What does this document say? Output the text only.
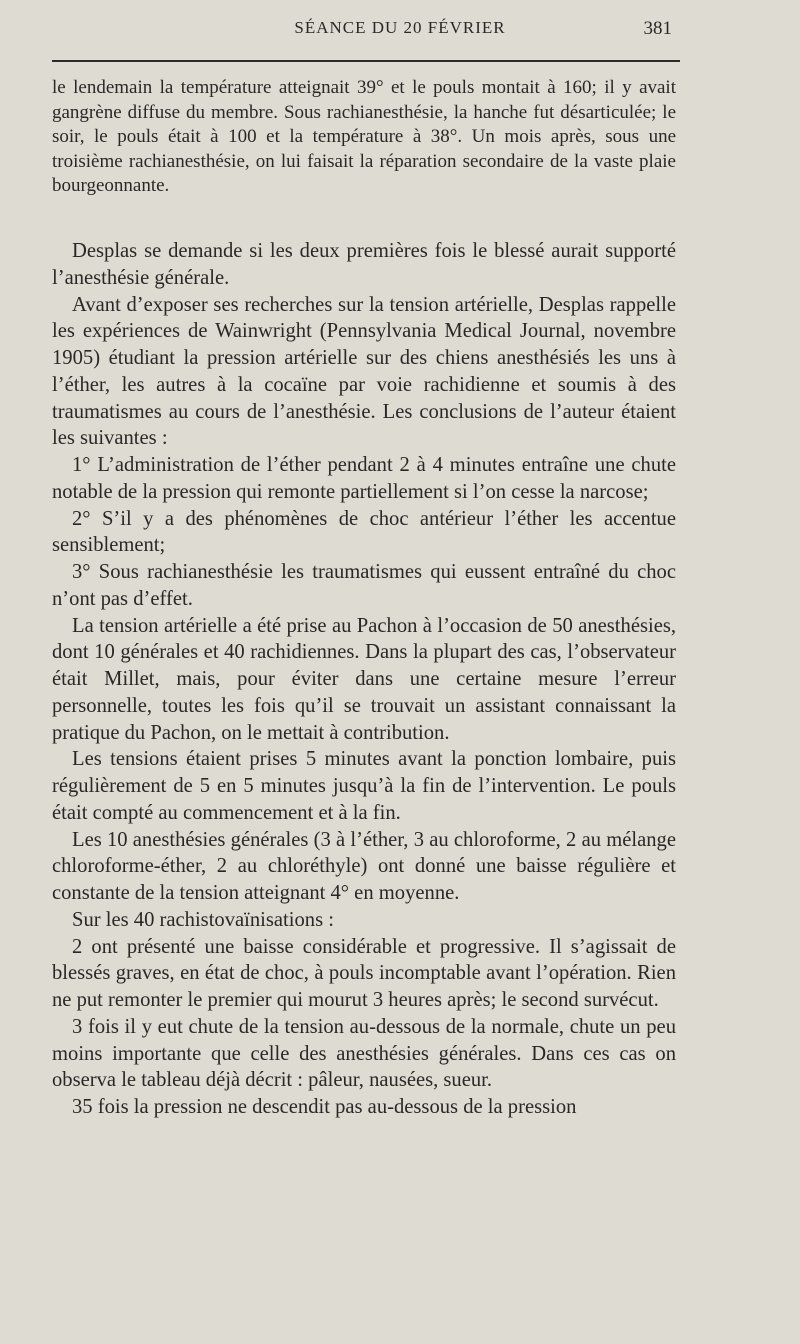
SÉANCE DU 20 FÉVRIER	381

le lendemain la température atteignait 39° et le pouls montait à 160; il y avait gangrène diffuse du membre. Sous rachianesthésie, la hanche fut désarticulée; le soir, le pouls était à 100 et la température à 38°. Un mois après, sous une troisième rachianesthésie, on lui faisait la réparation secondaire de la vaste plaie bourgeonnante.

Desplas se demande si les deux premières fois le blessé aurait supporté l’anesthésie générale.

Avant d’exposer ses recherches sur la tension artérielle, Desplas rappelle les expériences de Wainwright (Pennsylvania Medical Journal, novembre 1905) étudiant la pression artérielle sur des chiens anesthésiés les uns à l’éther, les autres à la cocaïne par voie rachidienne et soumis à des traumatismes au cours de l’anesthésie. Les conclusions de l’auteur étaient les suivantes :

1° L’administration de l’éther pendant 2 à 4 minutes entraîne une chute notable de la pression qui remonte partiellement si l’on cesse la narcose;

2° S’il y a des phénomènes de choc antérieur l’éther les accentue sensiblement;

3° Sous rachianesthésie les traumatismes qui eussent entraîné du choc n’ont pas d’effet.

La tension artérielle a été prise au Pachon à l’occasion de 50 anesthésies, dont 10 générales et 40 rachidiennes. Dans la plupart des cas, l’observateur était Millet, mais, pour éviter dans une certaine mesure l’erreur personnelle, toutes les fois qu’il se trouvait un assistant connaissant la pratique du Pachon, on le mettait à contribution.

Les tensions étaient prises 5 minutes avant la ponction lombaire, puis régulièrement de 5 en 5 minutes jusqu’à la fin de l’intervention. Le pouls était compté au commencement et à la fin.

Les 10 anesthésies générales (3 à l’éther, 3 au chloroforme, 2 au mélange chloroforme-éther, 2 au chloréthyle) ont donné une baisse régulière et constante de la tension atteignant 4° en moyenne.

Sur les 40 rachistovaïnisations :

2 ont présenté une baisse considérable et progressive. Il s’agissait de blessés graves, en état de choc, à pouls incomptable avant l’opération. Rien ne put remonter le premier qui mourut 3 heures après; le second survécut.

3 fois il y eut chute de la tension au-dessous de la normale, chute un peu moins importante que celle des anesthésies générales. Dans ces cas on observa le tableau déjà décrit : pâleur, nausées, sueur.

35 fois la pression ne descendit pas au-dessous de la pression
